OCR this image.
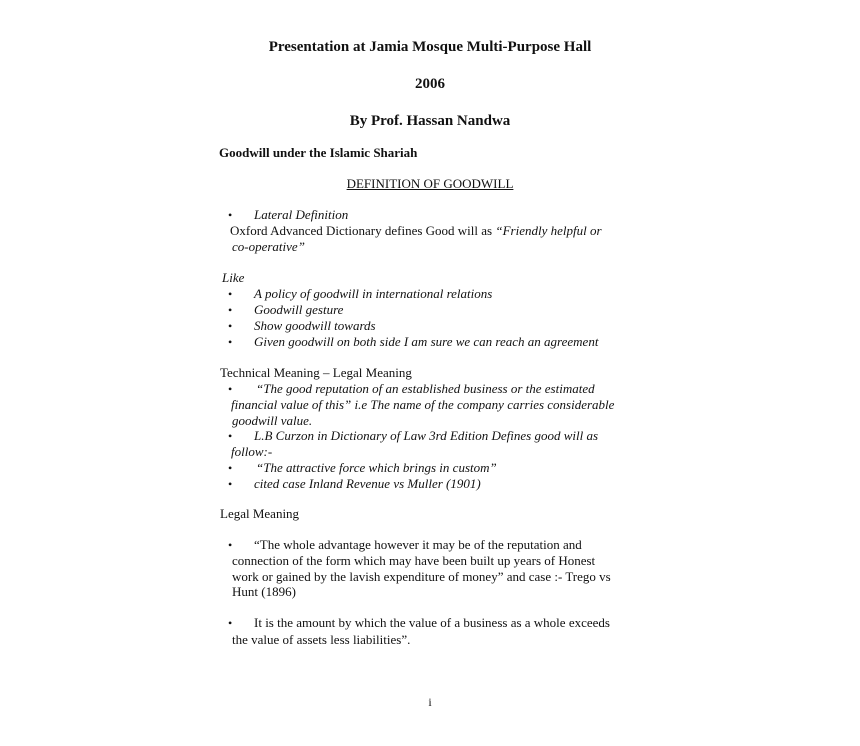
Presentation at Jamia Mosque Multi-Purpose Hall
2006
By Prof. Hassan Nandwa
Goodwill under the Islamic Shariah
DEFINITION OF GOODWILL
• Lateral Definition
Oxford Advanced Dictionary defines Good will as “Friendly helpful or
co-operative”
Like
• A policy of goodwill in international relations
• Goodwill gesture
• Show goodwill towards
• Given goodwill on both side I am sure we can reach an agreement
Technical Meaning – Legal Meaning
• “The good reputation of an established business or the estimated
financial value of this” i.e The name of the company carries considerable
goodwill value.
• L.B Curzon in Dictionary of Law 3rd Edition Defines good will as
follow:-
• “The attractive force which brings in custom”
• cited case Inland Revenue vs Muller (1901)
Legal Meaning
• “The whole advantage however it may be of the reputation and
connection of the form which may have been built up years of Honest
work or gained by the lavish expenditure of money” and case :- Trego vs
Hunt (1896)
• It is the amount by which the value of a business as a whole exceeds
the value of assets less liabilities”.
i
